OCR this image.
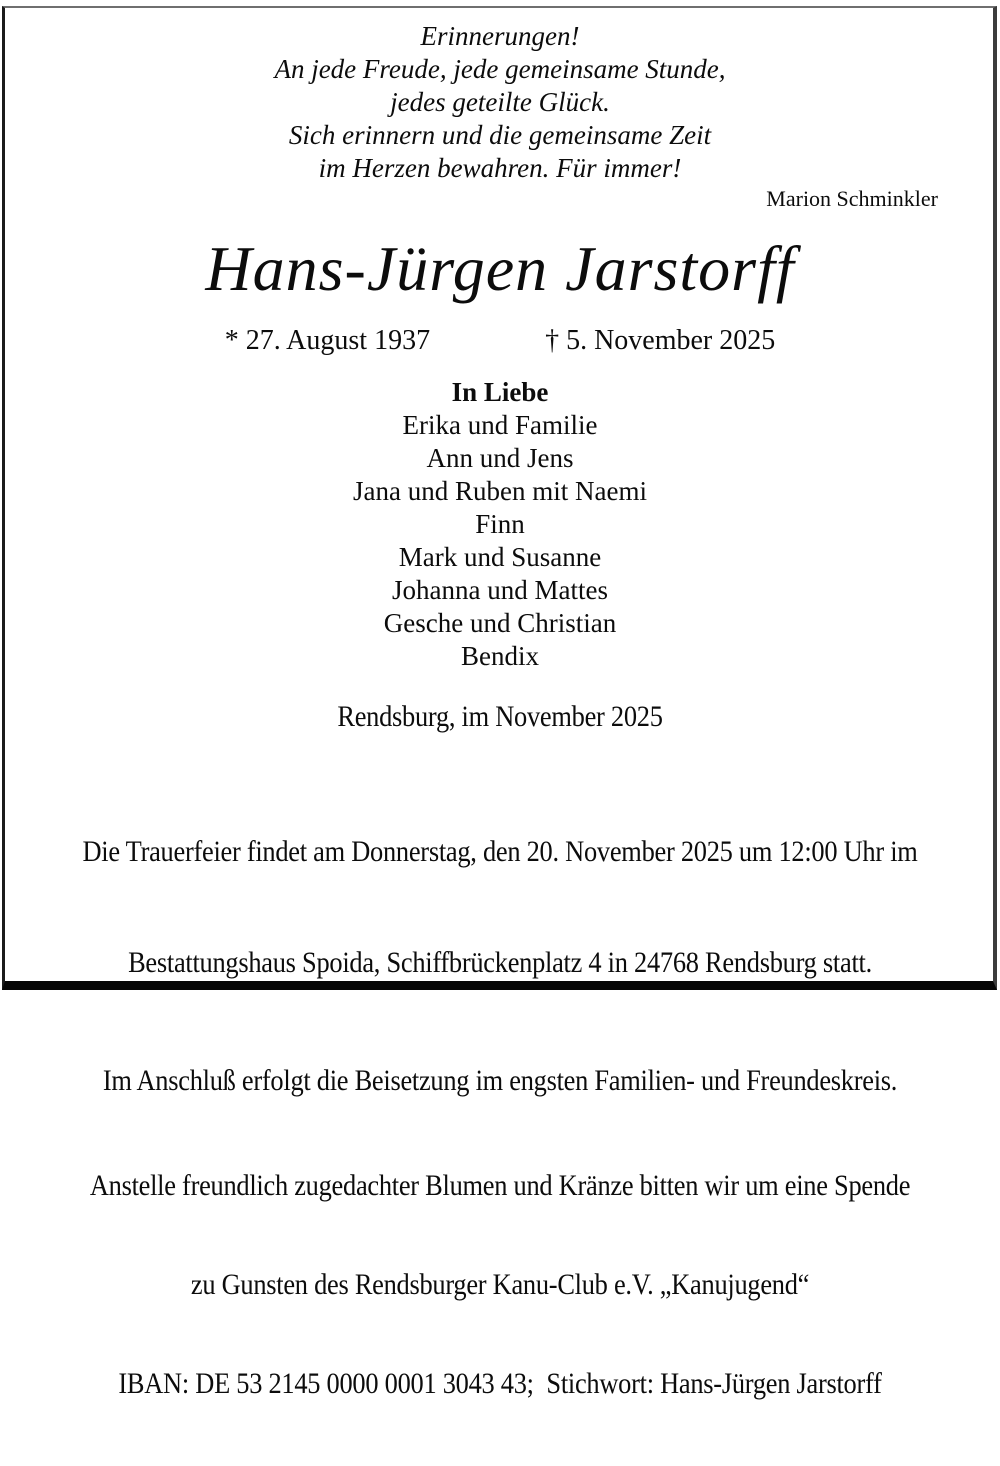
Erinnerungen!
An jede Freude, jede gemeinsame Stunde,
jedes geteilte Glück.
Sich erinnern und die gemeinsame Zeit
im Herzen bewahren. Für immer!
Marion Schminkler
Hans-Jürgen Jarstorff
* 27. August 1937	† 5. November 2025
In Liebe
Erika und Familie
Ann und Jens
Jana und Ruben mit Naemi
Finn
Mark und Susanne
Johanna und Mattes
Gesche und Christian
Bendix
Rendsburg, im November 2025

Die Trauerfeier findet am Donnerstag, den 20. November 2025 um 12:00 Uhr im

Bestattungshaus Spoida, Schiffbrückenplatz 4 in 24768 Rendsburg statt.

Im Anschluß erfolgt die Beisetzung im engsten Familien- und Freundeskreis.

Anstelle freundlich zugedachter Blumen und Kränze bitten wir um eine Spende

zu Gunsten des Rendsburger Kanu-Club e.V. „Kanujugend“

IBAN: DE 53 2145 0000 0001 3043 43;  Stichwort: Hans-Jürgen Jarstorff
